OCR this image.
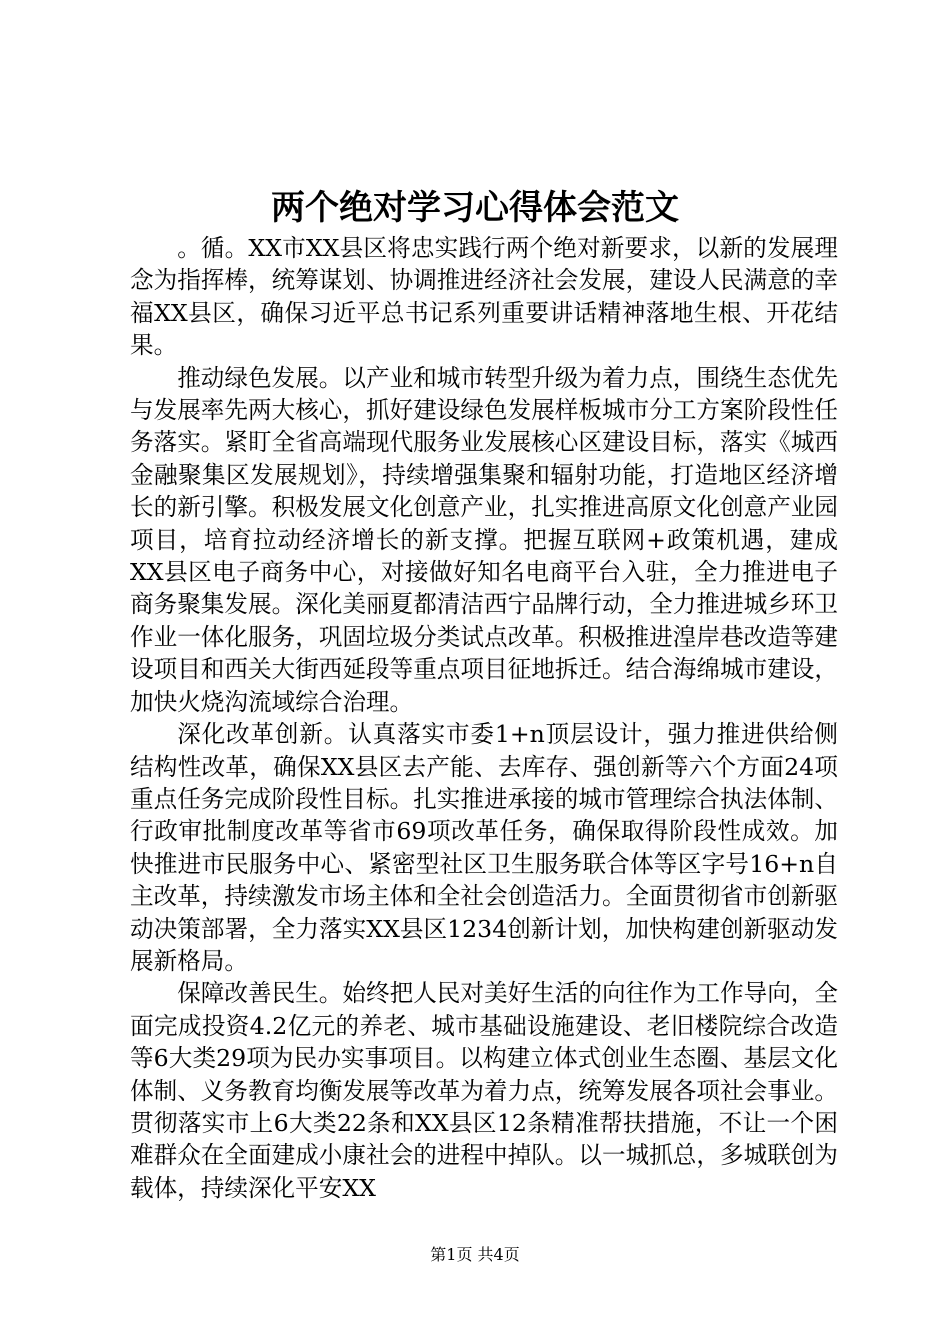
两个绝对学习心得体会范文

。循。XX市XX县区将忠实践行两个绝对新要求，以新的发展理念为指挥棒，统筹谋划、协调推进经济社会发展，建设人民满意的幸福XX县区，确保习近平总书记系列重要讲话精神落地生根、开花结果。

推动绿色发展。以产业和城市转型升级为着力点，围绕生态优先与发展率先两大核心，抓好建设绿色发展样板城市分工方案阶段性任务落实。紧盯全省高端现代服务业发展核心区建设目标，落实《城西金融聚集区发展规划》，持续增强集聚和辐射功能，打造地区经济增长的新引擎。积极发展文化创意产业，扎实推进高原文化创意产业园项目，培育拉动经济增长的新支撑。把握互联网+政策机遇，建成XX县区电子商务中心，对接做好知名电商平台入驻，全力推进电子商务聚集发展。深化美丽夏都清洁西宁品牌行动，全力推进城乡环卫作业一体化服务，巩固垃圾分类试点改革。积极推进湟岸巷改造等建设项目和西关大街西延段等重点项目征地拆迁。结合海绵城市建设，加快火烧沟流域综合治理。

深化改革创新。认真落实市委1+n顶层设计，强力推进供给侧结构性改革，确保XX县区去产能、去库存、强创新等六个方面24项重点任务完成阶段性目标。扎实推进承接的城市管理综合执法体制、行政审批制度改革等省市69项改革任务，确保取得阶段性成效。加快推进市民服务中心、紧密型社区卫生服务联合体等区字号16+n自主改革，持续激发市场主体和全社会创造活力。全面贯彻省市创新驱动决策部署，全力落实XX县区1234创新计划，加快构建创新驱动发展新格局。

保障改善民生。始终把人民对美好生活的向往作为工作导向，全面完成投资4.2亿元的养老、城市基础设施建设、老旧楼院综合改造等6大类29项为民办实事项目。以构建立体式创业生态圈、基层文化体制、义务教育均衡发展等改革为着力点，统筹发展各项社会事业。贯彻落实市上6大类22条和XX县区12条精准帮扶措施，不让一个困难群众在全面建成小康社会的进程中掉队。以一城抓总，多城联创为载体，持续深化平安XX

第1页 共4页
